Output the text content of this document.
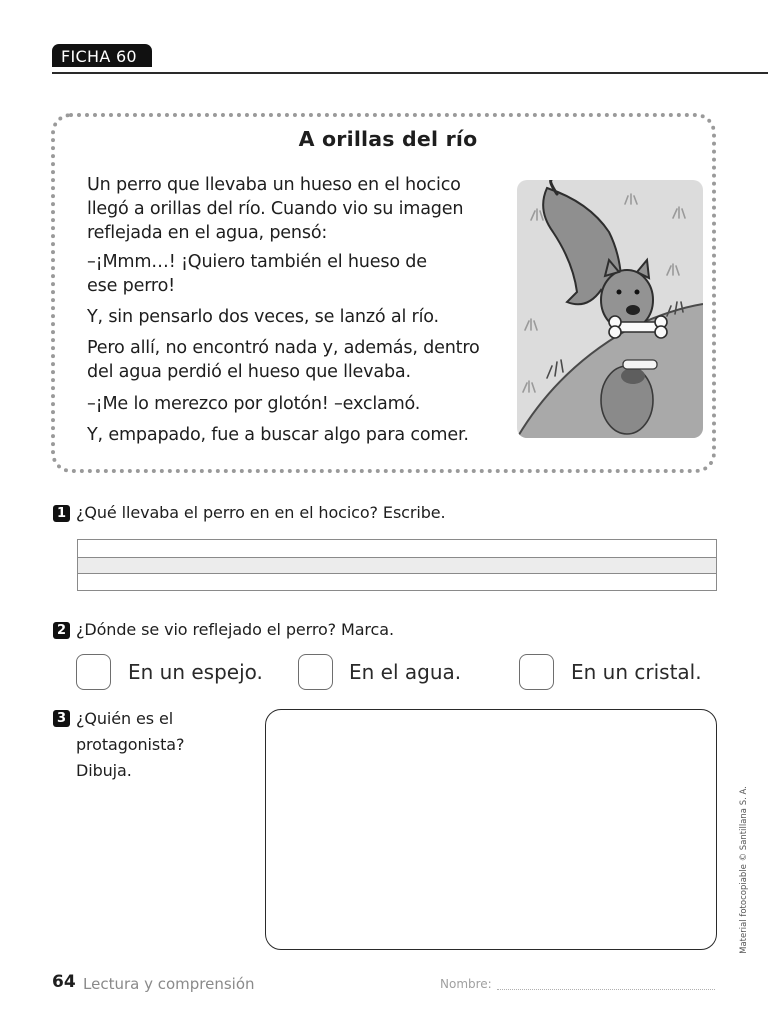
FICHA 60
A orillas del río
Un perro que llevaba un hueso en el hocico
llegó a orillas del río. Cuando vio su imagen
reflejada en el agua, pensó:
–¡Mmm…! ¡Quiero también el hueso de
ese perro!
Y, sin pensarlo dos veces, se lanzó al río.
Pero allí, no encontró nada y, además, dentro
del agua perdió el hueso que llevaba.
–¡Me lo merezco por glotón! –exclamó.
Y, empapado, fue a buscar algo para comer.
1 ¿Qué llevaba el perro en en el hocico? Escribe.
2 ¿Dónde se vio reflejado el perro? Marca.
En un espejo.	En el agua.	En un cristal.
3 ¿Quién es el
protagonista?
Dibuja.
Material fotocopiable © Santillana S. A.
64 Lectura y comprensión	Nombre:
